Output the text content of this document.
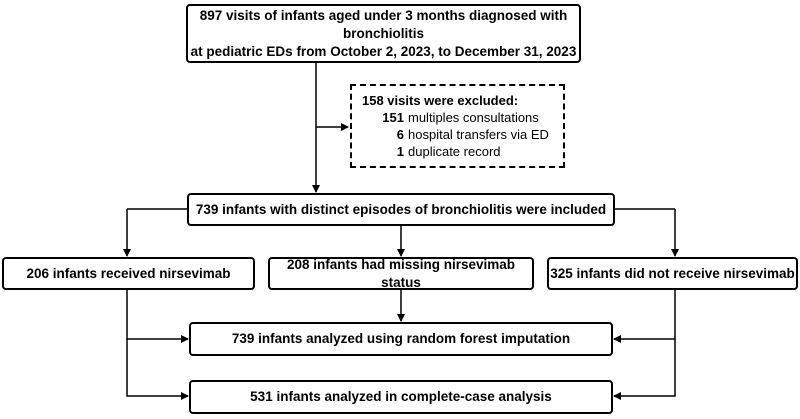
897 visits of infants aged under 3 months diagnosed with bronchiolitis
at pediatric EDs from October 2, 2023, to December 31, 2023
158 visits were excluded:
151 multiples consultations
6 hospital transfers via ED
1 duplicate record
739 infants with distinct episodes of bronchiolitis were included
206 infants received nirsevimab
208 infants had missing nirsevimab status
325 infants did not receive nirsevimab
739 infants analyzed using random forest imputation
531 infants analyzed in complete-case analysis
